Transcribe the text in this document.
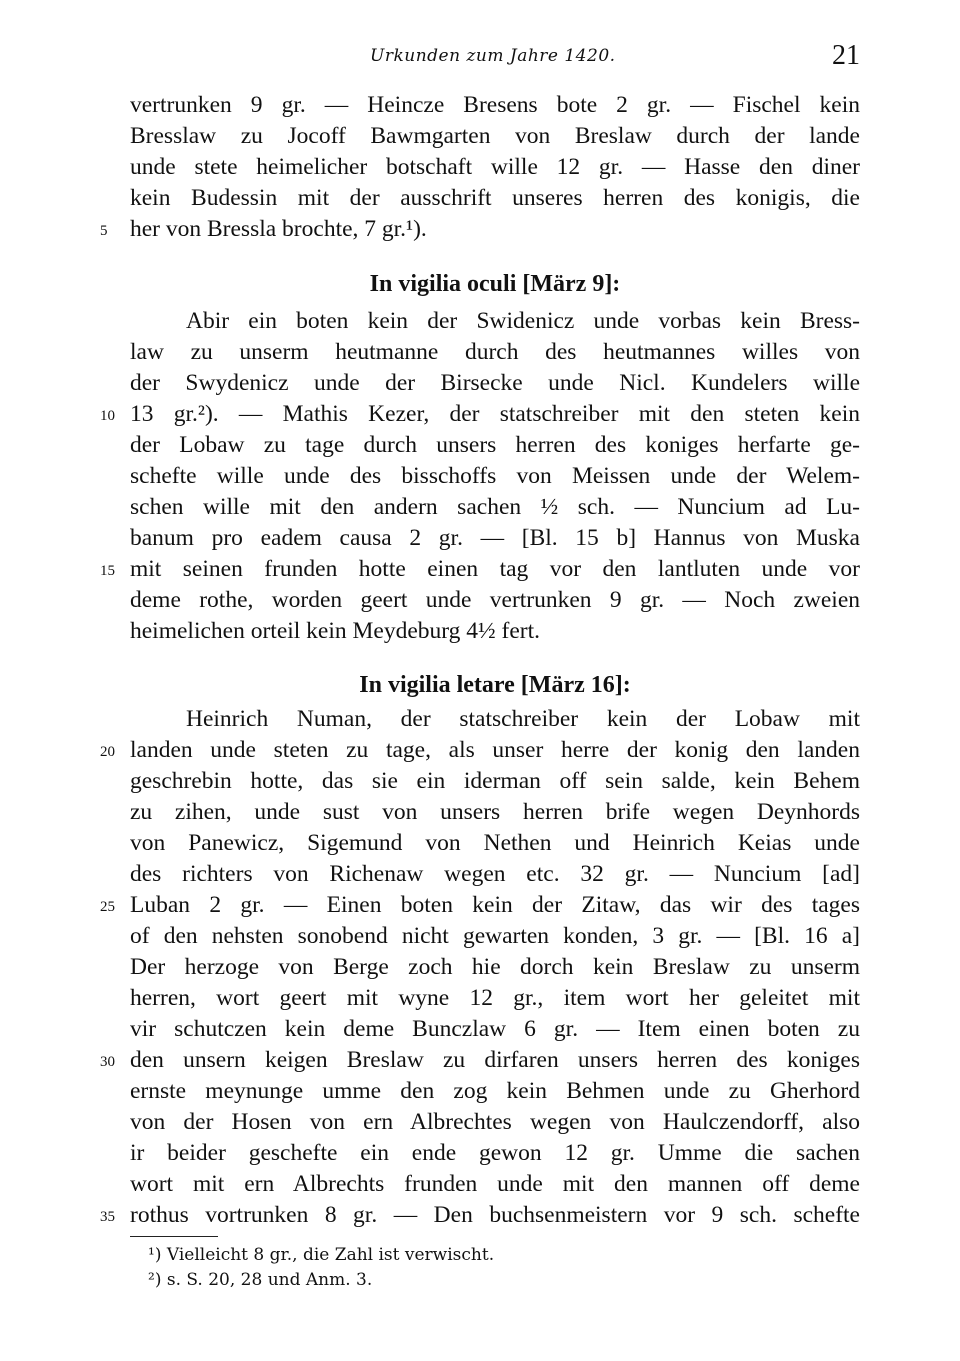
Urkunden zum Jahre 1420.	21
vertrunken 9 gr. — Heincze Bresens bote 2 gr. — Fischel kein
Bresslaw zu Jocoff Bawmgarten von Breslaw durch der lande
unde stete heimelicher botschaft wille 12 gr. — Hasse den diner
kein Budessin mit der ausschrift unseres herren des konigis, die
her von Bressla brochte, 7 gr.¹).
5
In vigilia oculi [März 9]:
Abir ein boten kein der Swidenicz unde vorbas kein Bress-
law zu unserm heutmanne durch des heutmannes willes von
der Swydenicz unde der Birsecke unde Nicl. Kundelers wille
13 gr.²). — Mathis Kezer, der statschreiber mit den steten kein
10
der Lobaw zu tage durch unsers herren des koniges herfarte ge-
schefte wille unde des bisschoffs von Meissen unde der Welem-
schen wille mit den andern sachen ½ sch. — Nuncium ad Lu-
banum pro eadem causa 2 gr. — [Bl. 15 b] Hannus von Muska
mit seinen frunden hotte einen tag vor den lantluten unde vor
15
deme rothe, worden geert unde vertrunken 9 gr. — Noch zweien
heimelichen orteil kein Meydeburg 4½ fert.
In vigilia letare [März 16]:
Heinrich Numan, der statschreiber kein der Lobaw mit
landen unde steten zu tage, als unser herre der konig den landen
20
geschrebin hotte, das sie ein iderman off sein salde, kein Behem
zu zihen, unde sust von unsers herren brife wegen Deynhords
von Panewicz, Sigemund von Nethen und Heinrich Keias unde
des richters von Richenaw wegen etc. 32 gr. — Nuncium [ad]
Luban 2 gr. — Einen boten kein der Zitaw, das wir des tages
25
of den nehsten sonobend nicht gewarten konden, 3 gr. — [Bl. 16 a]
Der herzoge von Berge zoch hie dorch kein Breslaw zu unserm
herren, wort geert mit wyne 12 gr., item wort her geleitet mit
vir schutczen kein deme Bunczlaw 6 gr. — Item einen boten zu
den unsern keigen Breslaw zu dirfaren unsers herren des koniges
30
ernste meynunge umme den zog kein Behmen unde zu Gherhord
von der Hosen von ern Albrechtes wegen von Haulczendorff, also
ir beider geschefte ein ende gewon 12 gr. Umme die sachen
wort mit ern Albrechts frunden unde mit den mannen off deme
rothus vortrunken 8 gr. — Den buchsenmeistern vor 9 sch. schefte
35
¹) Vielleicht 8 gr., die Zahl ist verwischt.
²) s. S. 20, 28 und Anm. 3.
